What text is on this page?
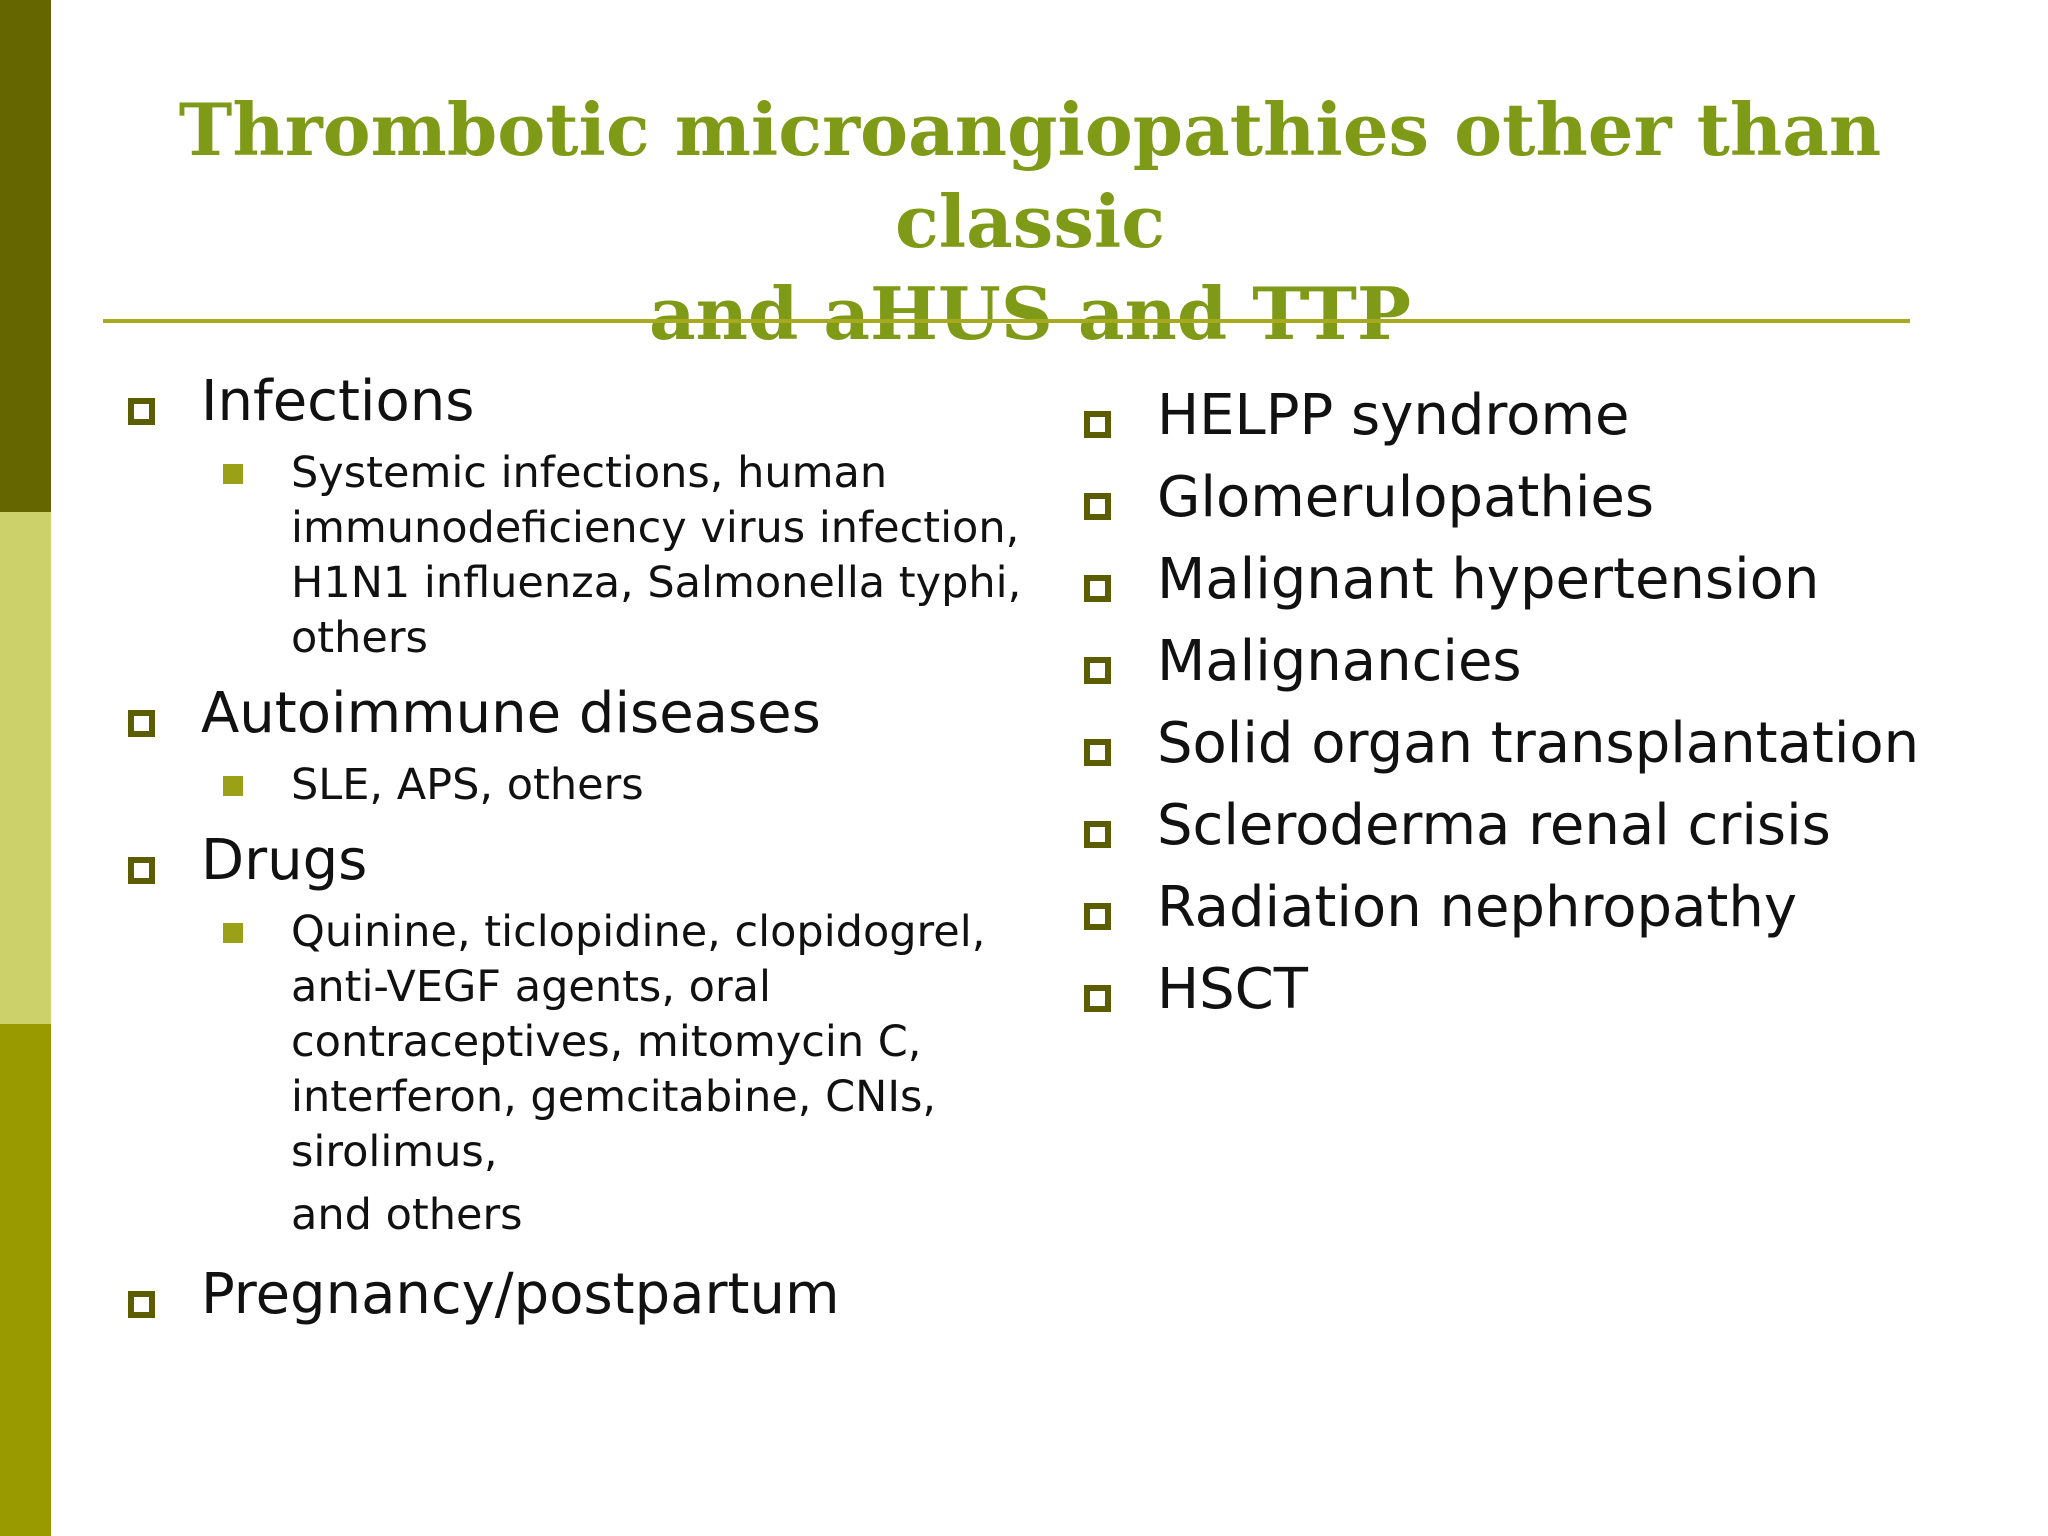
Thrombotic microangiopathies other than classic
and aHUS and TTP
Infections
Systemic infections, human immunodeficiency virus infection, H1N1 influenza, Salmonella typhi, others
Autoimmune diseases
SLE, APS, others
Drugs
Quinine, ticlopidine, clopidogrel, anti-VEGF agents, oral contraceptives, mitomycin C, interferon, gemcitabine, CNIs, sirolimus,
and others
Pregnancy/postpartum
HELPP syndrome
Glomerulopathies
Malignant hypertension
Malignancies
Solid organ transplantation
Scleroderma renal crisis
Radiation nephropathy
HSCT
